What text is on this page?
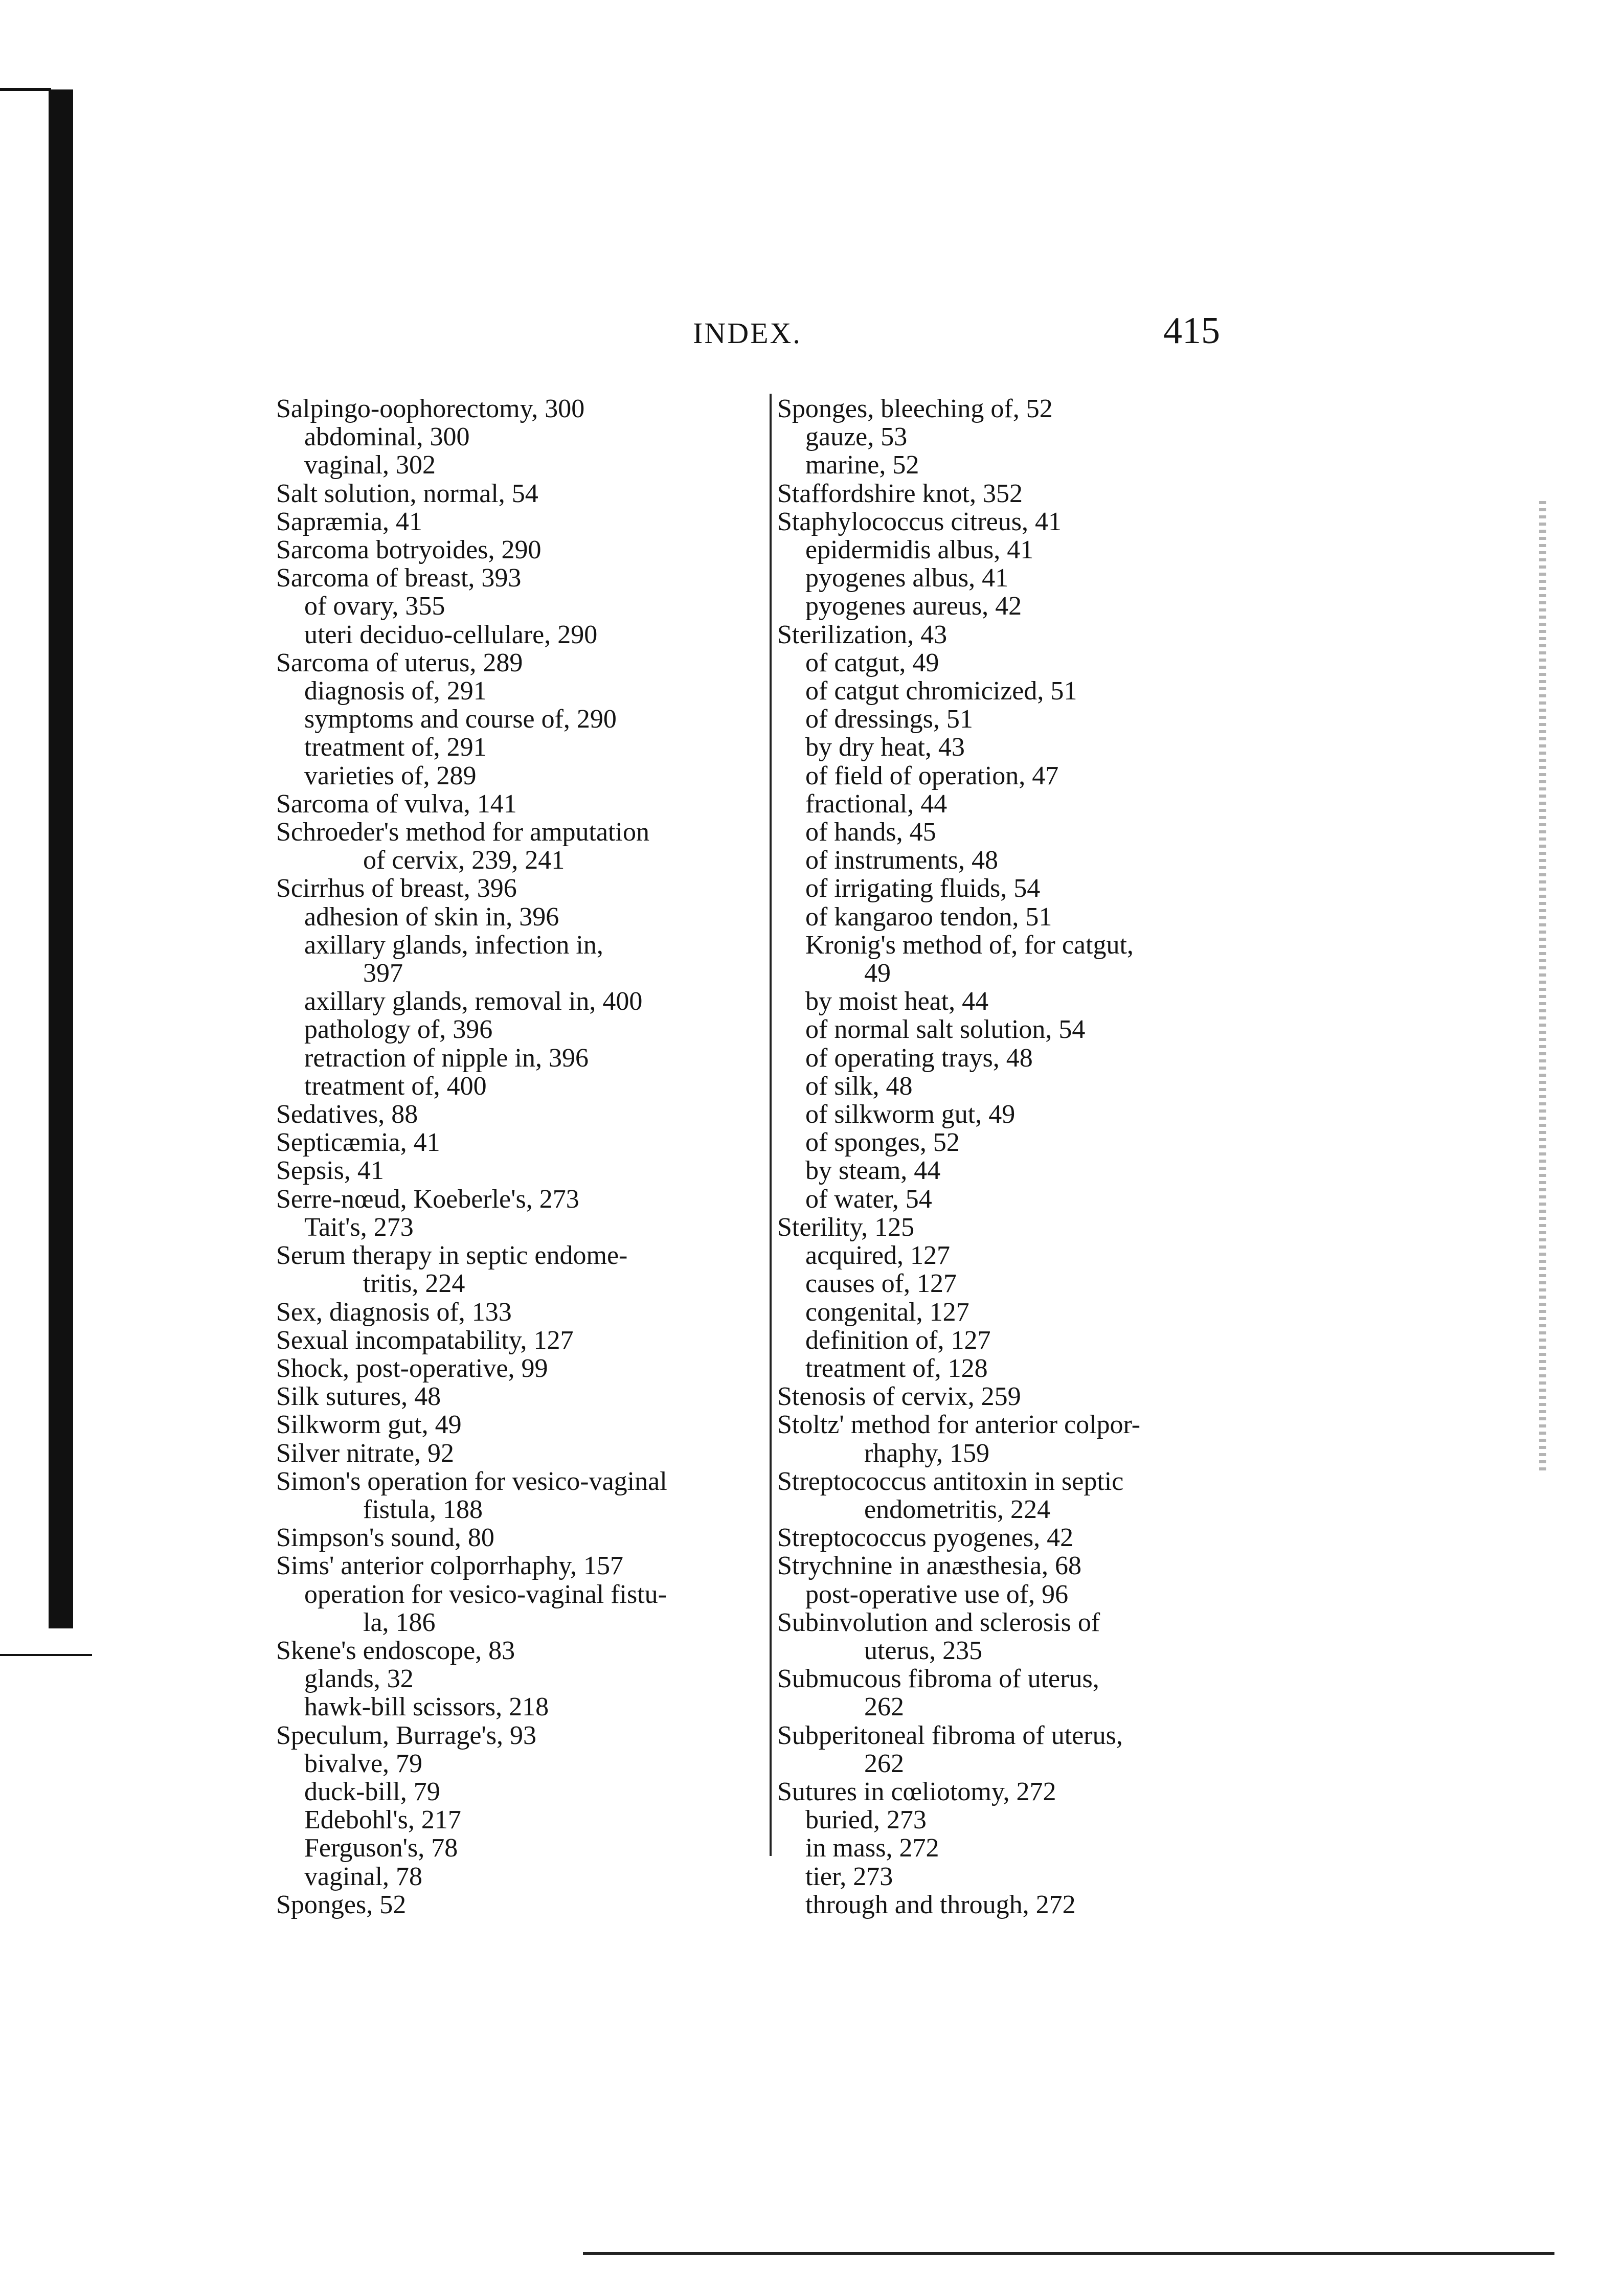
INDEX.	415
Salpingo-oophorectomy, 300
abdominal, 300
vaginal, 302
Salt solution, normal, 54
Sapræmia, 41
Sarcoma botryoides, 290
Sarcoma of breast, 393
of ovary, 355
uteri deciduo-cellulare, 290
Sarcoma of uterus, 289
diagnosis of, 291
symptoms and course of, 290
treatment of, 291
varieties of, 289
Sarcoma of vulva, 141
Schroeder's method for amputation
of cervix, 239, 241
Scirrhus of breast, 396
adhesion of skin in, 396
axillary glands, infection in,
397
axillary glands, removal in, 400
pathology of, 396
retraction of nipple in, 396
treatment of, 400
Sedatives, 88
Septicæmia, 41
Sepsis, 41
Serre-nœud, Koeberle's, 273
Tait's, 273
Serum therapy in septic endome-
tritis, 224
Sex, diagnosis of, 133
Sexual incompatability, 127
Shock, post-operative, 99
Silk sutures, 48
Silkworm gut, 49
Silver nitrate, 92
Simon's operation for vesico-vaginal
fistula, 188
Simpson's sound, 80
Sims' anterior colporrhaphy, 157
operation for vesico-vaginal fistu-
la, 186
Skene's endoscope, 83
glands, 32
hawk-bill scissors, 218
Speculum, Burrage's, 93
bivalve, 79
duck-bill, 79
Edebohl's, 217
Ferguson's, 78
vaginal, 78
Sponges, 52
Sponges, bleeching of, 52
gauze, 53
marine, 52
Staffordshire knot, 352
Staphylococcus citreus, 41
epidermidis albus, 41
pyogenes albus, 41
pyogenes aureus, 42
Sterilization, 43
of catgut, 49
of catgut chromicized, 51
of dressings, 51
by dry heat, 43
of field of operation, 47
fractional, 44
of hands, 45
of instruments, 48
of irrigating fluids, 54
of kangaroo tendon, 51
Kronig's method of, for catgut,
49
by moist heat, 44
of normal salt solution, 54
of operating trays, 48
of silk, 48
of silkworm gut, 49
of sponges, 52
by steam, 44
of water, 54
Sterility, 125
acquired, 127
causes of, 127
congenital, 127
definition of, 127
treatment of, 128
Stenosis of cervix, 259
Stoltz' method for anterior colpor-
rhaphy, 159
Streptococcus antitoxin in septic
endometritis, 224
Streptococcus pyogenes, 42
Strychnine in anæsthesia, 68
post-operative use of, 96
Subinvolution and sclerosis of
uterus, 235
Submucous fibroma of uterus,
262
Subperitoneal fibroma of uterus,
262
Sutures in cœliotomy, 272
buried, 273
in mass, 272
tier, 273
through and through, 272
